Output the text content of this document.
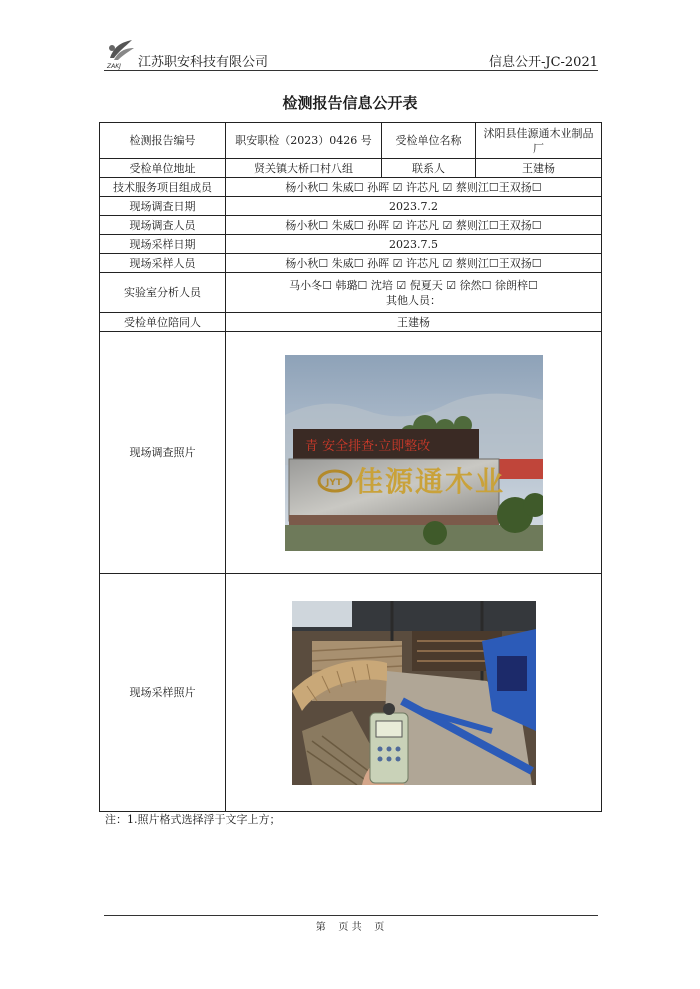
ZAKJ 江苏职安科技有限公司	信息公开-JC-2021
检测报告信息公开表
检测报告编号	职安职检（2023）0426 号	受检单位名称	沭阳县佳源通木业制品厂
受检单位地址	贤关镇大桥口村八组	联系人	王建杨
技术服务项目组成员	杨小秋☐ 朱威☐ 孙晖 ☑ 许芯凡 ☑ 蔡则江☐王双扬☐		
现场调查日期	2023.7.2		
现场调查人员	杨小秋☐ 朱威☐ 孙晖 ☑ 许芯凡 ☑ 蔡则江☐王双扬☐		
现场采样日期	2023.7.5		
现场采样人员	杨小秋☐ 朱威☐ 孙晖 ☑ 许芯凡 ☑ 蔡则江☐王双扬☐		
实验室分析人员	马小冬☐ 韩璐☐ 沈培 ☑ 倪夏天 ☑ 徐然☐ 徐朗梓☐
其他人员：		

受检单位陪同人	王建杨		
现场调查照片	青 安全排查·立即整改
JYT 佳源通木业		

现场采样照片	
注：1.照片格式选择浮于文字上方；
第    页 共    页
